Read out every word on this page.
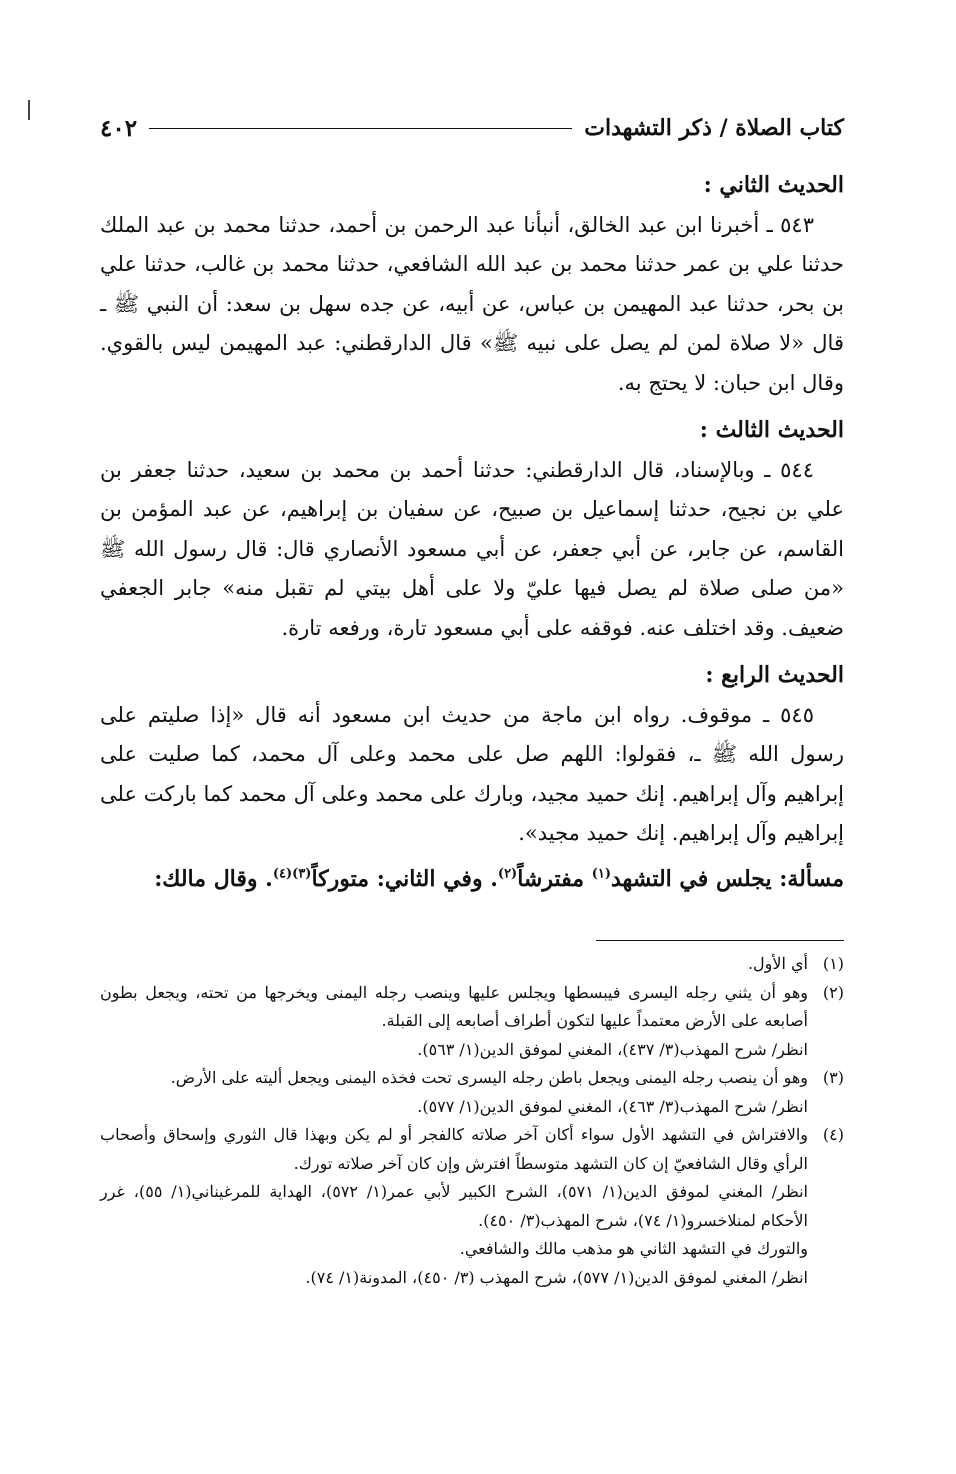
كتاب الصلاة / ذكر التشهدات
٤٠٢
الحديث الثاني :

٥٤٣ ـ أخبرنا ابن عبد الخالق، أنبأنا عبد الرحمن بن أحمد، حدثنا محمد بن عبد الملك حدثنا علي بن عمر حدثنا محمد بن عبد الله الشافعي، حدثنا محمد بن غالب، حدثنا علي بن بحر، حدثنا عبد المهيمن بن عباس، عن أبيه، عن جده سهل بن سعد: أن النبي ﷺ ـ قال «لا صلاة لمن لم يصل على نبيه ﷺ» قال الدارقطني: عبد المهيمن ليس بالقوي. وقال ابن حبان: لا يحتج به.

الحديث الثالث :

٥٤٤ ـ وبالإسناد، قال الدارقطني: حدثنا أحمد بن محمد بن سعيد، حدثنا جعفر بن علي بن نجيح، حدثنا إسماعيل بن صبيح، عن سفيان بن إبراهيم، عن عبد المؤمن بن القاسم، عن جابر، عن أبي جعفر، عن أبي مسعود الأنصاري قال: قال رسول الله ﷺ «من صلى صلاة لم يصل فيها عليّ ولا على أهل بيتي لم تقبل منه» جابر الجعفي ضعيف. وقد اختلف عنه. فوقفه على أبي مسعود تارة، ورفعه تارة.

الحديث الرابع :

٥٤٥ ـ موقوف. رواه ابن ماجة من حديث ابن مسعود أنه قال «إذا صليتم على رسول الله ﷺ ـ، فقولوا: اللهم صل على محمد وعلى آل محمد، كما صليت على إبراهيم وآل إبراهيم. إنك حميد مجيد، وبارك على محمد وعلى آل محمد كما باركت على إبراهيم وآل إبراهيم. إنك حميد مجيد».

مسألة: يجلس في التشهد$^{(١)}$ مفترشاً$^{(٢)}$. وفي الثاني: متوركاً$^{(٣)(٤)}$. وقال مالك:

(١)
أي الأول.
(٢)
وهو أن يثني رجله اليسرى فيبسطها ويجلس عليها وينصب رجله اليمنى ويخرجها من تحته، ويجعل بطون أصابعه على الأرض معتمداً عليها لتكون أطراف أصابعه إلى القبلة.
انظر/ شرح المهذب(٣/ ٤٣٧)، المغني لموفق الدين(١/ ٥٦٣).
(٣)
وهو أن ينصب رجله اليمنى ويجعل باطن رجله اليسرى تحت فخذه اليمنى ويجعل أليته على الأرض.
انظر/ شرح المهذب(٣/ ٤٦٣)، المغني لموفق الدين(١/ ٥٧٧).
(٤)
والافتراش في التشهد الأول سواء أكان آخر صلاته كالفجر أو لم يكن وبهذا قال الثوري وإسحاق وأصحاب الرأي وقال الشافعيّ إن كان التشهد متوسطاً افترش وإن كان آخر صلاته تورك.
انظر/ المغني لموفق الدين(١/ ٥٧١)، الشرح الكبير لأبي عمر(١/ ٥٧٢)، الهداية للمرغيناني(١/ ٥٥)، غرر الأحكام لمنلاخسرو(١/ ٧٤)، شرح المهذب(٣/ ٤٥٠).
والتورك في التشهد الثاني هو مذهب مالك والشافعي.
انظر/ المغني لموفق الدين(١/ ٥٧٧)، شرح المهذب (٣/ ٤٥٠)، المدونة(١/ ٧٤).
